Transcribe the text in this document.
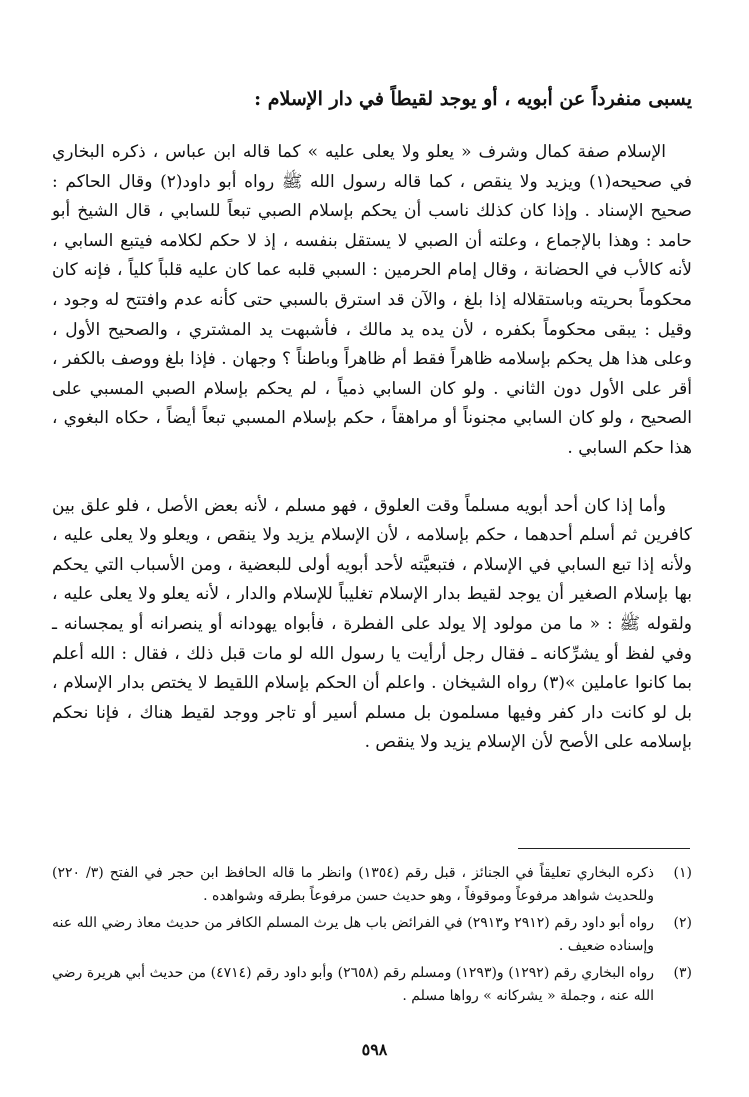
يسبى منفرداً عن أبويه ، أو يوجد لقيطاً في دار الإسلام :

الإسلام صفة كمال وشرف « يعلو ولا يعلى عليه » كما قاله ابن عباس ، ذكره البخاري في صحيحه(١) ويزيد ولا ينقص ، كما قاله رسول الله ﷺ رواه أبو داود(٢) وقال الحاكم : صحيح الإسناد . وإذا كان كذلك ناسب أن يحكم بإسلام الصبي تبعاً للسابي ، قال الشيخ أبو حامد : وهذا بالإجماع ، وعلته أن الصبي لا يستقل بنفسه ، إذ لا حكم لكلامه فيتبع السابي ، لأنه كالأب في الحضانة ، وقال إمام الحرمين : السبي قلبه عما كان عليه قلباً كلياً ، فإنه كان محكوماً بحريته وباستقلاله إذا بلغ ، والآن قد استرق بالسبي حتى كأنه عدم وافتتح له وجود ، وقيل : يبقى محكوماً بكفره ، لأن يده يد مالك ، فأشبهت يد المشتري ، والصحيح الأول ، وعلى هذا هل يحكم بإسلامه ظاهراً فقط أم ظاهراً وباطناً ؟ وجهان . فإذا بلغ ووصف بالكفر ، أقر على الأول دون الثاني . ولو كان السابي ذمياً ، لم يحكم بإسلام الصبي المسبي على الصحيح ، ولو كان السابي مجنوناً أو مراهقاً ، حكم بإسلام المسبي تبعاً أيضاً ، حكاه البغوي ، هذا حكم السابي .

وأما إذا كان أحد أبويه مسلماً وقت العلوق ، فهو مسلم ، لأنه بعض الأصل ، فلو علق بين كافرين ثم أسلم أحدهما ، حكم بإسلامه ، لأن الإسلام يزيد ولا ينقص ، ويعلو ولا يعلى عليه ، ولأنه إذا تبع السابي في الإسلام ، فتبعيَّته لأحد أبويه أولى للبعضية ، ومن الأسباب التي يحكم بها بإسلام الصغير أن يوجد لقيط بدار الإسلام تغليباً للإسلام والدار ، لأنه يعلو ولا يعلى عليه ، ولقوله ﷺ : « ما من مولود إلا يولد على الفطرة ، فأبواه يهودانه أو ينصرانه أو يمجسانه ـ وفي لفظ أو يشرِّكانه ـ فقال رجل أرأيت يا رسول الله لو مات قبل ذلك ، فقال : الله أعلم بما كانوا عاملين »(٣) رواه الشيخان . واعلم أن الحكم بإسلام اللقيط لا يختص بدار الإسلام ، بل لو كانت دار كفر وفيها مسلمون بل مسلم أسير أو تاجر ووجد لقيط هناك ، فإنا نحكم بإسلامه على الأصح لأن الإسلام يزيد ولا ينقص .

(١)
ذكره البخاري تعليقاً في الجنائز ، قبل رقم (١٣٥٤) وانظر ما قاله الحافظ ابن حجر في الفتح (٣/ ٢٢٠) وللحديث شواهد مرفوعاً وموقوفاً ، وهو حديث حسن مرفوعاً بطرقه وشواهده .
(٢)
رواه أبو داود رقم (٢٩١٢ و٢٩١٣) في الفرائض باب هل يرث المسلم الكافر من حديث معاذ رضي الله عنه وإسناده ضعيف .
(٣)
رواه البخاري رقم (١٢٩٢) و(١٢٩٣) ومسلم رقم (٢٦٥٨) وأبو داود رقم (٤٧١٤) من حديث أبي هريرة رضي الله عنه ، وجملة « يشركانه » رواها مسلم .
٥٩٨
